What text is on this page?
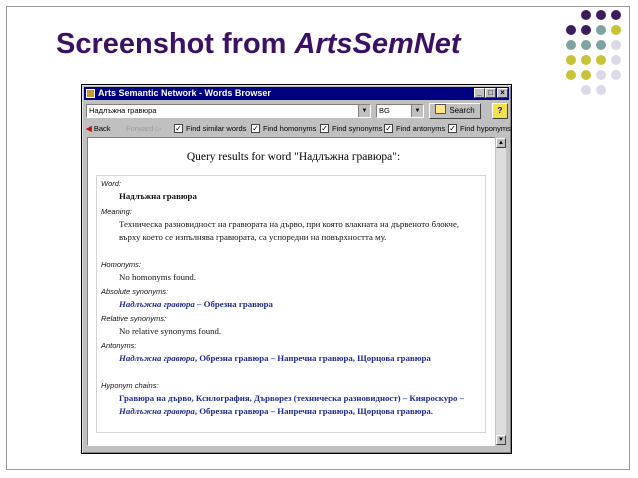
Screenshot from ArtsSemNet
Arts Semantic Network - Words Browser	_ □ ×
Надлъжна гравюра	▼	BG	▼	Search	?
◀ Back Forward ▷ ✓ Find similar words ✓ Find homonyms ✓ Find synonyms ✓ Find antonyms ✓ Find hyponyms
Query results for word "Надлъжна гравюра":
Word:
Надлъжна гравюра
Meaning:
Техническа разновидност на гравюрата на дърво, при която влакната на дървеното блокче, върху което се изпълнява гравюрата, са успоредни на повърхността му.
Homonyms:
No homonyms found.
Absolute synonyms:
Надлъжна гравюра – Обрезна гравюра
Relative synonyms:
No relative synonyms found.
Antonyms:
Надлъжна гравюра, Обрезна гравюра – Напречна гравюра, Щорцова гравюра
Hyponym chains:
Гравюра на дърво, Ксилография, Дърворез (техническа разновидност) – Кияроскуро – Надлъжна гравюра, Обрезна гравюра – Напречна гравюра, Щорцова гравюра.
▲
▼
